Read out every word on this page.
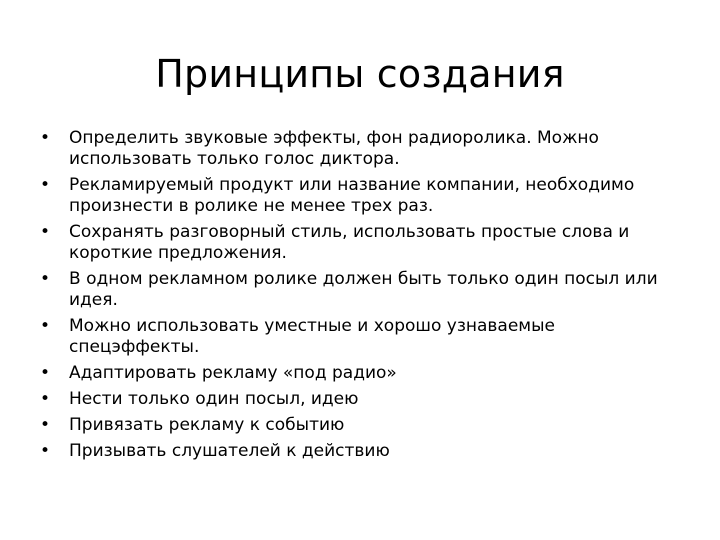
Принципы создания
• Определить звуковые эффекты, фон радиоролика. Можно использовать только голос диктора.
• Рекламируемый продукт или название компании, необходимо произнести в ролике не менее трех раз.
• Сохранять разговорный стиль, использовать простые слова и короткие предложения.
• В одном рекламном ролике должен быть только один посыл или идея.
• Можно использовать уместные и хорошо узнаваемые спецэффекты.
• Адаптировать рекламу «под радио»
• Нести только один посыл, идею
• Привязать рекламу к событию
• Призывать слушателей к действию
